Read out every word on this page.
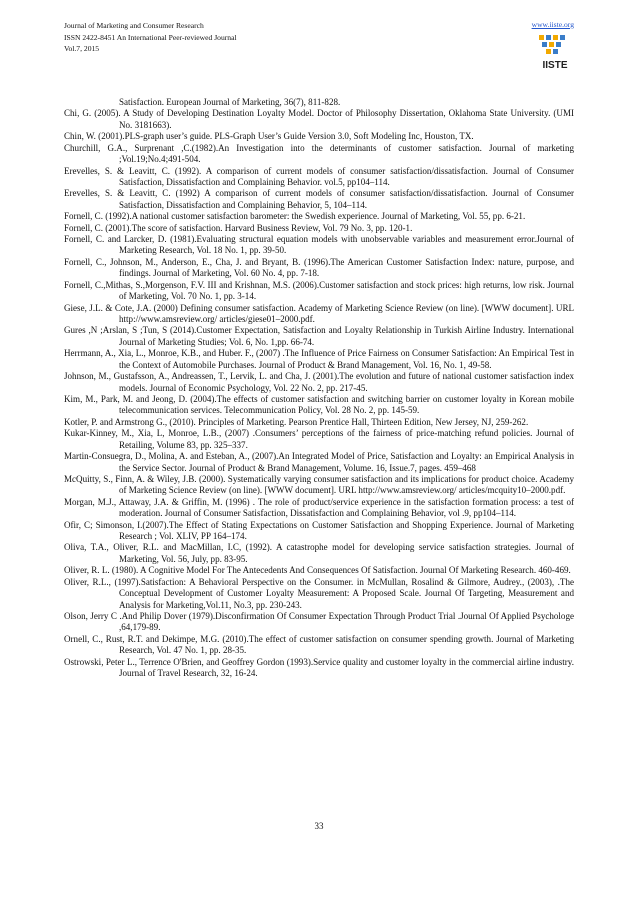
Journal of Marketing and Consumer Research
ISSN 2422-8451 An International Peer-reviewed Journal
Vol.7, 2015
www.iiste.org
IISTE

Satisfaction. European Journal of Marketing, 36(7), 811-828.

Chi, G. (2005). A Study of Developing Destination Loyalty Model. Doctor of Philosophy Dissertation, Oklahoma State University. (UMI No. 3181663).

Chin, W. (2001).PLS-graph user’s guide. PLS-Graph User’s Guide Version 3.0, Soft Modeling Inc, Houston, TX.

Churchill, G.A., Surprenant ,C.(1982).An Investigation into the determinants of customer satisfaction. Journal of marketing ;Vol.19;No.4;491-504.

Erevelles, S. & Leavitt, C. (1992). A comparison of current models of consumer satisfaction/dissatisfaction. Journal of Consumer Satisfaction, Dissatisfaction and Complaining Behavior. vol.5, pp104–114.

Erevelles, S. & Leavitt, C. (1992) A comparison of current models of consumer satisfaction/dissatisfaction. Journal of Consumer Satisfaction, Dissatisfaction and Complaining Behavior, 5, 104–114.

Fornell, C. (1992).A national customer satisfaction barometer: the Swedish experience. Journal of Marketing, Vol. 55, pp. 6-21.

Fornell, C. (2001).The score of satisfaction. Harvard Business Review, Vol. 79 No. 3, pp. 120-1.

Fornell, C. and Larcker, D. (1981).Evaluating structural equation models with unobservable variables and measurement error.Journal of Marketing Research, Vol. 18 No. 1, pp. 39-50.

Fornell, C., Johnson, M., Anderson, E., Cha, J. and Bryant, B. (1996).The American Customer Satisfaction Index: nature, purpose, and findings. Journal of Marketing, Vol. 60 No. 4, pp. 7-18.

Fornell, C.,Mithas, S.,Morgenson, F.V. III and Krishnan, M.S. (2006).Customer satisfaction and stock prices: high returns, low risk. Journal of Marketing, Vol. 70 No. 1, pp. 3-14.

Giese, J.L. & Cote, J.A. (2000) Defining consumer satisfaction. Academy of Marketing Science Review (on line). [WWW document]. URL http://www.amsreview.org/ articles/giese01–2000.pdf.

Gures ,N ;Arslan, S ;Tun, S (2014).Customer Expectation, Satisfaction and Loyalty Relationship in Turkish Airline Industry. International Journal of Marketing Studies; Vol. 6, No. 1,pp. 66-74.

Herrmann, A., Xia, L., Monroe, K.B., and Huber. F., (2007) .The Influence of Price Fairness on Consumer Satisfaction: An Empirical Test in the Context of Automobile Purchases. Journal of Product & Brand Management, Vol. 16, No. 1, 49-58.

Johnson, M., Gustafsson, A., Andreassen, T., Lervik, L. and Cha, J. (2001).The evolution and future of national customer satisfaction index models. Journal of Economic Psychology, Vol. 22 No. 2, pp. 217-45.

Kim, M., Park, M. and Jeong, D. (2004).The effects of customer satisfaction and switching barrier on customer loyalty in Korean mobile telecommunication services. Telecommunication Policy, Vol. 28 No. 2, pp. 145-59.

Kotler, P. and Armstrong G., (2010). Principles of Marketing. Pearson Prentice Hall, Thirteen Edition, New Jersey, NJ, 259-262.

Kukar-Kinney, M., Xia, L, Monroe, L.B., (2007) .Consumers’ perceptions of the fairness of price-matching refund policies. Journal of Retailing, Volume 83, pp. 325–337.

Martin-Consuegra, D., Molina, A. and Esteban, A., (2007).An Integrated Model of Price, Satisfaction and Loyalty: an Empirical Analysis in the Service Sector. Journal of Product & Brand Management, Volume. 16, Issue.7, pages. 459–468

McQuitty, S., Finn, A. & Wiley, J.B. (2000). Systematically varying consumer satisfaction and its implications for product choice. Academy of Marketing Science Review (on line). [WWW document]. URL http://www.amsreview.org/ articles/mcquity10–2000.pdf.

Morgan, M.J., Attaway, J.A. & Griffin, M. (1996) . The role of product/service experience in the satisfaction formation process: a test of moderation. Journal of Consumer Satisfaction, Dissatisfaction and Complaining Behavior, vol .9, pp104–114.

Ofir, C; Simonson, I.(2007).The Effect of Stating Expectations on Customer Satisfaction and Shopping Experience. Journal of Marketing Research ; Vol. XLIV, PP 164–174.

Oliva, T.A., Oliver, R.L. and MacMillan, I.C, (1992). A catastrophe model for developing service satisfaction strategies. Journal of Marketing, Vol. 56, July, pp. 83-95.

Oliver, R. L. (1980). A Cognitive Model For The Antecedents And Consequences Of Satisfaction. Journal Of Marketing Research. 460-469.

Oliver, R.L., (1997).Satisfaction: A Behavioral Perspective on the Consumer. in McMullan, Rosalind & Gilmore, Audrey., (2003), .The Conceptual Development of Customer Loyalty Measurement: A Proposed Scale. Journal Of Targeting, Measurement and Analysis for Marketing,Vol.11, No.3, pp. 230-243.

Olson, Jerry C .And Philip Dover (1979).Disconfirmation Of Consumer Expectation Through Product Trial .Journal Of Applied Psychologe ,64,179-89.

Ornell, C., Rust, R.T. and Dekimpe, M.G. (2010).The effect of customer satisfaction on consumer spending growth. Journal of Marketing Research, Vol. 47 No. 1, pp. 28-35.

Ostrowski, Peter L., Terrence O'Brien, and Geoffrey Gordon (1993).Service quality and customer loyalty in the commercial airline industry. Journal of Travel Research, 32, 16-24.

33
